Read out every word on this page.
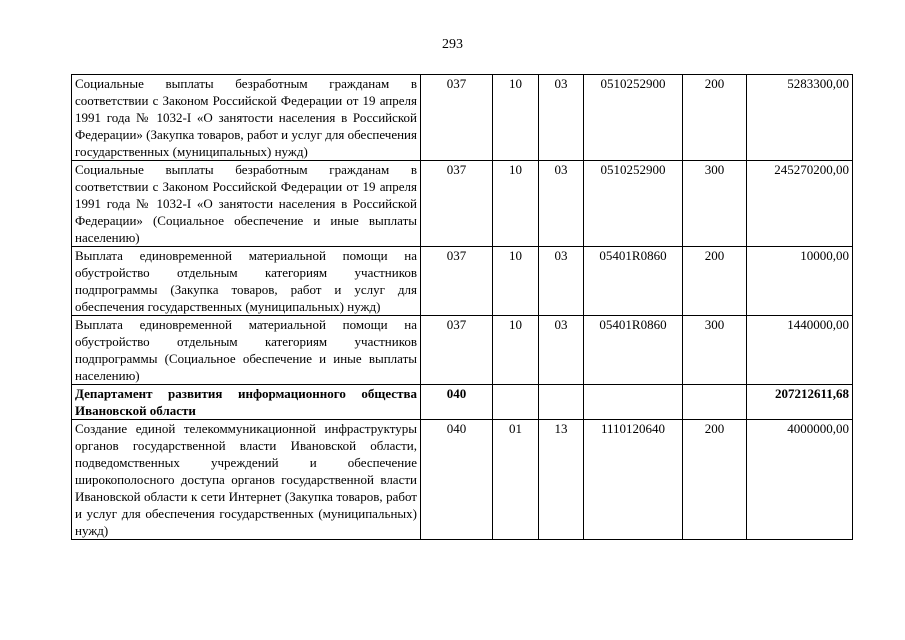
293
Социальные выплаты безработным гражданам в соответствии с Законом Российской Федерации от 19 апреля 1991 года № 1032-I «О занятости населения в Российской Федерации» (Закупка товаров, работ и услуг для обеспечения государственных (муниципальных) нужд)	037	10	03	0510252900	200	5283300,00
Социальные выплаты безработным гражданам в соответствии с Законом Российской Федерации от 19 апреля 1991 года № 1032-I «О занятости населения в Российской Федерации» (Социальное обеспечение и иные выплаты населению)	037	10	03	0510252900	300	245270200,00
Выплата единовременной материальной помощи на обустройство отдельным категориям участников подпрограммы (Закупка товаров, работ и услуг для обеспечения государственных (муниципальных) нужд)	037	10	03	05401R0860	200	10000,00
Выплата единовременной материальной помощи на обустройство отдельным категориям участников подпрограммы (Социальное обеспечение и иные выплаты населению)	037	10	03	05401R0860	300	1440000,00
Департамент развития информационного общества Ивановской области	040					207212611,68
Создание единой телекоммуникационной инфраструктуры органов государственной власти Ивановской области, подведомственных учреждений и обеспечение широкополосного доступа органов государственной власти Ивановской области к сети Интернет (Закупка товаров, работ и услуг для обеспечения государственных (муниципальных) нужд)	040	01	13	1110120640	200	4000000,00
